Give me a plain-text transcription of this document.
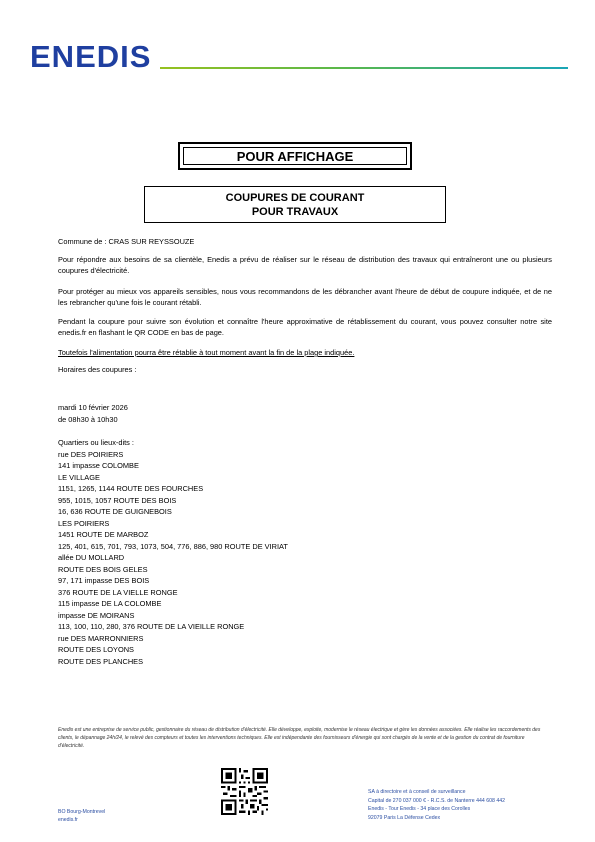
ENEDIS
POUR AFFICHAGE
COUPURES DE COURANT
POUR TRAVAUX
Commune de : CRAS SUR REYSSOUZE
Pour répondre aux besoins de sa clientèle, Enedis a prévu de réaliser sur le réseau de distribution des travaux qui entraîneront une ou plusieurs coupures d'électricité.
Pour protéger au mieux vos appareils sensibles, nous vous recommandons de les débrancher avant l'heure de début de coupure indiquée, et de ne les rebrancher qu'une fois le courant rétabli.
Pendant la coupure pour suivre son évolution et connaître l'heure approximative de rétablissement du courant, vous pouvez consulter notre site enedis.fr en flashant le QR CODE en bas de page.
Toutefois l'alimentation pourra être rétablie à tout moment avant la fin de la plage indiquée.
Horaires des coupures :
mardi 10 février 2026
de 08h30 à 10h30
Quartiers ou lieux-dits :
rue DES POIRIERS
141 impasse COLOMBE
LE VILLAGE
1151, 1265, 1144 ROUTE DES FOURCHES
955, 1015, 1057 ROUTE DES BOIS
16, 636 ROUTE DE GUIGNEBOIS
LES POIRIERS
1451 ROUTE DE MARBOZ
125, 401, 615, 701, 793, 1073, 504, 776, 886, 980 ROUTE DE VIRIAT
allée DU MOLLARD
ROUTE DES BOIS GELES
97, 171 impasse DES BOIS
376 ROUTE DE LA VIELLE RONGE
115 impasse DE LA COLOMBE
impasse DE MOIRANS
113, 100, 110, 280, 376 ROUTE DE LA VIEILLE RONGE
rue DES MARRONNIERS
ROUTE DES LOYONS
ROUTE DES PLANCHES
Enedis est une entreprise de service public, gestionnaire du réseau de distribution d'électricité. Elle développe, exploite, modernise le réseau électrique et gère les données associées. Elle réalise les raccordements des clients, le dépannage 24h/24, le relevé des compteurs et toutes les interventions techniques. Elle est indépendante des fournisseurs d'énergie qui sont chargés de la vente et de la gestion du contrat de fourniture d'électricité.
BO Bourg-Montrevel
enedis.fr
SA à directoire et à conseil de surveillance
Capital de 270 037 000 € - R.C.S. de Nanterre 444 608 442
Enedis - Tour Enedis - 34 place des Corolles
92079 Paris La Défense Cedex
